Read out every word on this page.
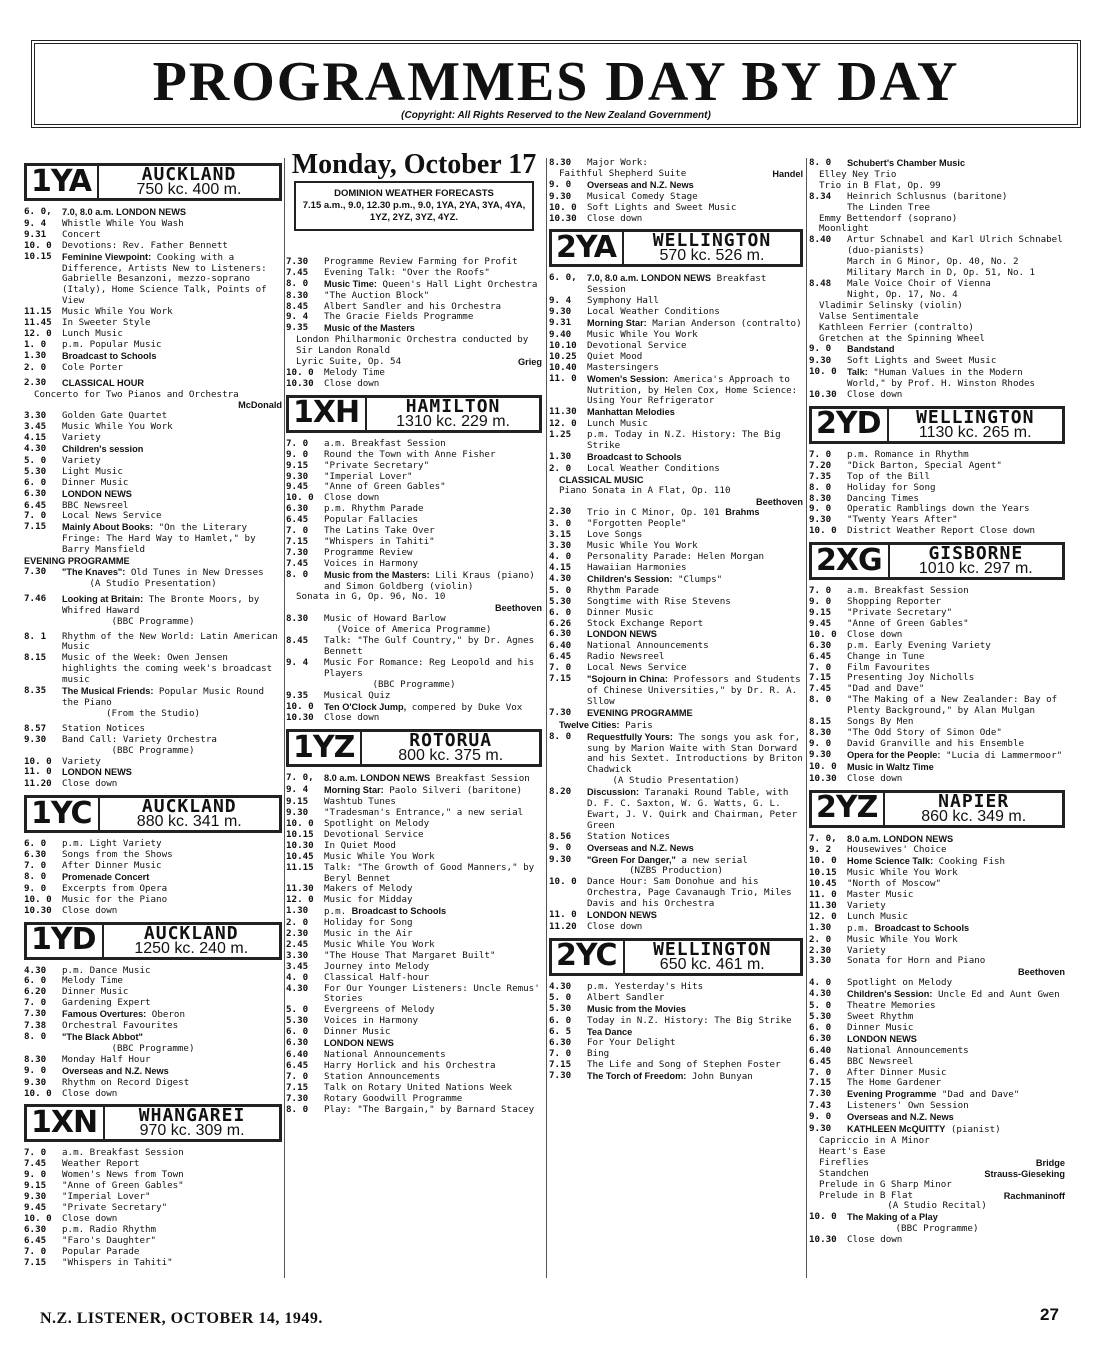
PROGRAMMES DAY BY DAY
(Copyright: All Rights Reserved to the New Zealand Government)
1YA	AUCKLAND
750 kc. 400 m.
6. 0,	7.0, 8.0 a.m. LONDON NEWS
9. 4	Whistle While You Wash
9.31	Concert
10. 0	Devotions: Rev. Father Bennett
10.15	Feminine Viewpoint: Cooking with a Difference, Artists New to Listeners: Gabrielle Besanzoni, mezzo-soprano (Italy), Home Science Talk, Points of View
11.15	Music While You Work
11.45	In Sweeter Style
12. 0	Lunch Music
1. 0	p.m. Popular Music
1.30	Broadcast to Schools
2. 0	Cole Porter
2.30	CLASSICAL HOUR
Concerto for Two Pianos and Orchestra
McDonald
3.30	Golden Gate Quartet
3.45	Music While You Work
4.15	Variety
4.30	Children's session
5. 0	Variety
5.30	Light Music
6. 0	Dinner Music
6.30	LONDON NEWS
6.45	BBC Newsreel
7. 0	Local News Service
7.15	Mainly About Books: "On the Literary Fringe: The Hard Way to Hamlet," by Barry Mansfield
EVENING PROGRAMME
7.30	"The Knaves": Old Tunes in New Dresses
(A Studio Presentation)
7.46	Looking at Britain: The Bronte Moors, by Whifred Haward
(BBC Programme)
8. 1	Rhythm of the New World: Latin American Music
8.15	Music of the Week: Owen Jensen highlights the coming week's broadcast music
8.35	The Musical Friends: Popular Music Round the Piano
(From the Studio)
8.57	Station Notices
9.30	Band Call: Variety Orchestra
(BBC Programme)
10. 0	Variety
11. 0	LONDON NEWS
11.20	Close down
1YC	AUCKLAND
880 kc. 341 m.
6. 0	p.m. Light Variety
6.30	Songs from the Shows
7. 0	After Dinner Music
8. 0	Promenade Concert
9. 0	Excerpts from Opera
10. 0	Music for the Piano
10.30	Close down
1YD	AUCKLAND
1250 kc. 240 m.
4.30	p.m. Dance Music
6. 0	Melody Time
6.20	Dinner Music
7. 0	Gardening Expert
7.30	Famous Overtures: Oberon
7.38	Orchestral Favourites
8. 0	"The Black Abbot"
(BBC Programme)
8.30	Monday Half Hour
9. 0	Overseas and N.Z. News
9.30	Rhythm on Record Digest
10. 0	Close down
1XN	WHANGAREI
970 kc. 309 m.
7. 0	a.m. Breakfast Session
7.45	Weather Report
9. 0	Women's News from Town
9.15	"Anne of Green Gables"
9.30	"Imperial Lover"
9.45	"Private Secretary"
10. 0	Close down
6.30	p.m. Radio Rhythm
6.45	"Faro's Daughter"
7. 0	Popular Parade
7.15	"Whispers in Tahiti"
Monday, October 17
DOMINION WEATHER FORECASTS
7.15 a.m., 9.0, 12.30 p.m., 9.0, 1YA, 2YA, 3YA, 4YA, 1YZ, 2YZ, 3YZ, 4YZ.
7.30	Programme Review Farming for Profit
7.45	Evening Talk: "Over the Roofs"
8. 0	Music Time: Queen's Hall Light Orchestra
8.30	"The Auction Block"
8.45	Albert Sandler and his Orchestra
9. 4	The Gracie Fields Programme
9.35	Music of the Masters
London Philharmonic Orchestra conducted by Sir Landon Ronald
Lyric Suite, Op. 54	Grieg
10. 0	Melody Time
10.30	Close down
1XH	HAMILTON
1310 kc. 229 m.
7. 0	a.m. Breakfast Session
9. 0	Round the Town with Anne Fisher
9.15	"Private Secretary"
9.30	"Imperial Lover"
9.45	"Anne of Green Gables"
10. 0	Close down
6.30	p.m. Rhythm Parade
6.45	Popular Fallacies
7. 0	The Latins Take Over
7.15	"Whispers in Tahiti"
7.30	Programme Review
7.45	Voices in Harmony
8. 0	Music from the Masters: Lili Kraus (piano) and Simon Goldberg (violin)
Sonata in G, Op. 96, No. 10
Beethoven
8.30	Music of Howard Barlow
(Voice of America Programme)
8.45	Talk: "The Gulf Country," by Dr. Agnes Bennett
9. 4	Music For Romance: Reg Leopold and his Players
(BBC Programme)
9.35	Musical Quiz
10. 0	Ten O'Clock Jump, compered by Duke Vox
10.30	Close down
1YZ	ROTORUA
800 kc. 375 m.
7. 0,	8.0 a.m. LONDON NEWS Breakfast Session
9. 4	Morning Star: Paolo Silveri (baritone)
9.15	Washtub Tunes
9.30	"Tradesman's Entrance," a new serial
10. 0	Spotlight on Melody
10.15	Devotional Service
10.30	In Quiet Mood
10.45	Music While You Work
11.15	Talk: "The Growth of Good Manners," by Beryl Bennet
11.30	Makers of Melody
12. 0	Music for Midday
1.30	p.m. Broadcast to Schools
2. 0	Holiday for Song
2.30	Music in the Air
2.45	Music While You Work
3.30	"The House That Margaret Built"
3.45	Journey into Melody
4. 0	Classical Half-hour
4.30	For Our Younger Listeners: Uncle Remus' Stories
5. 0	Evergreens of Melody
5.30	Voices in Harmony
6. 0	Dinner Music
6.30	LONDON NEWS
6.40	National Announcements
6.45	Harry Horlick and his Orchestra
7. 0	Station Announcements
7.15	Talk on Rotary United Nations Week
7.30	Rotary Goodwill Programme
8. 0	Play: "The Bargain," by Barnard Stacey
8.30	Major Work:
Faithful Shepherd Suite	Handel
9. 0	Overseas and N.Z. News
9.30	Musical Comedy Stage
10. 0	Soft Lights and Sweet Music
10.30	Close down
2YA	WELLINGTON
570 kc. 526 m.
6. 0,	7.0, 8.0 a.m. LONDON NEWS Breakfast Session
9. 4	Symphony Hall
9.30	Local Weather Conditions
9.31	Morning Star: Marian Anderson (contralto)
9.40	Music While You Work
10.10	Devotional Service
10.25	Quiet Mood
10.40	Mastersingers
11. 0	Women's Session: America's Approach to Nutrition, by Helen Cox, Home Science: Using Your Refrigerator
11.30	Manhattan Melodies
12. 0	Lunch Music
1.25	p.m. Today in N.Z. History: The Big Strike
1.30	Broadcast to Schools
2. 0	Local Weather Conditions
CLASSICAL MUSIC
Piano Sonata in A Flat, Op. 110
Beethoven
2.30	Trio in C Minor, Op. 101 Brahms
3. 0	"Forgotten People"
3.15	Love Songs
3.30	Music While You Work
4. 0	Personality Parade: Helen Morgan
4.15	Hawaiian Harmonies
4.30	Children's Session: "Clumps"
5. 0	Rhythm Parade
5.30	Songtime with Rise Stevens
6. 0	Dinner Music
6.26	Stock Exchange Report
6.30	LONDON NEWS
6.40	National Announcements
6.45	Radio Newsreel
7. 0	Local News Service
7.15	"Sojourn in China: Professors and Students of Chinese Universities," by Dr. R. A. Sllow
7.30	EVENING PROGRAMME
Twelve Cities: Paris
8. 0	Requestfully Yours: The songs you ask for, sung by Marion Waite with Stan Dorward and his Sextet. Introductions by Briton Chadwick
(A Studio Presentation)
8.20	Discussion: Taranaki Round Table, with D. F. C. Saxton, W. G. Watts, G. L. Ewart, J. V. Quirk and Chairman, Peter Green
8.56	Station Notices
9. 0	Overseas and N.Z. News
9.30	"Green For Danger," a new serial
(NZBS Production)
10. 0	Dance Hour: Sam Donohue and his Orchestra, Page Cavanaugh Trio, Miles Davis and his Orchestra
11. 0	LONDON NEWS
11.20	Close down
2YC	WELLINGTON
650 kc. 461 m.
4.30	p.m. Yesterday's Hits
5. 0	Albert Sandler
5.30	Music from the Movies
6. 0	Today in N.Z. History: The Big Strike
6. 5	Tea Dance
6.30	For Your Delight
7. 0	Bing
7.15	The Life and Song of Stephen Foster
7.30	The Torch of Freedom: John Bunyan
8. 0	Schubert's Chamber Music
Elley Ney Trio
Trio in B Flat, Op. 99
8.34	Heinrich Schlusnus (baritone)
The Linden Tree
Emmy Bettendorf (soprano)
Moonlight
8.40	Artur Schnabel and Karl Ulrich Schnabel (duo-pianists)
March in G Minor, Op. 40, No. 2
Military March in D, Op. 51, No. 1
8.48	Male Voice Choir of Vienna
Night, Op. 17, No. 4
Vladimir Selinsky (violin)
Valse Sentimentale
Kathleen Ferrier (contralto)
Gretchen at the Spinning Wheel
9. 0	Bandstand
9.30	Soft Lights and Sweet Music
10. 0	Talk: "Human Values in the Modern World," by Prof. H. Winston Rhodes
10.30	Close down
2YD	WELLINGTON
1130 kc. 265 m.
7. 0	p.m. Romance in Rhythm
7.20	"Dick Barton, Special Agent"
7.35	Top of the Bill
8. 0	Holiday for Song
8.30	Dancing Times
9. 0	Operatic Ramblings down the Years
9.30	"Twenty Years After"
10. 0	District Weather Report Close down
2XG	GISBORNE
1010 kc. 297 m.
7. 0	a.m. Breakfast Session
9. 0	Shopping Reporter
9.15	"Private Secretary"
9.45	"Anne of Green Gables"
10. 0	Close down
6.30	p.m. Early Evening Variety
6.45	Change in Tune
7. 0	Film Favourites
7.15	Presenting Joy Nicholls
7.45	"Dad and Dave"
8. 0	"The Making of a New Zealander: Bay of Plenty Background," by Alan Mulgan
8.15	Songs By Men
8.30	"The Odd Story of Simon Ode"
9. 0	David Granville and his Ensemble
9.30	Opera for the People: "Lucia di Lammermoor"
10. 0	Music in Waltz Time
10.30	Close down
2YZ	NAPIER
860 kc. 349 m.
7. 0,	8.0 a.m. LONDON NEWS
9. 2	Housewives' Choice
10. 0	Home Science Talk: Cooking Fish
10.15	Music While You Work
10.45	"North of Moscow"
11. 0	Master Music
11.30	Variety
12. 0	Lunch Music
1.30	p.m. Broadcast to Schools
2. 0	Music While You Work
2.30	Variety
3.30	Sonata for Horn and Piano
Beethoven
4. 0	Spotlight on Melody
4.30	Children's Session: Uncle Ed and Aunt Gwen
5. 0	Theatre Memories
5.30	Sweet Rhythm
6. 0	Dinner Music
6.30	LONDON NEWS
6.40	National Announcements
6.45	BBC Newsreel
7. 0	After Dinner Music
7.15	The Home Gardener
7.30	Evening Programme "Dad and Dave"
7.43	Listeners' Own Session
9. 0	Overseas and N.Z. News
9.30	KATHLEEN McQUITTY (pianist)
Capriccio in A Minor
Heart's Ease
Fireflies	Bridge
Standchen	Strauss-Gieseking
Prelude in G Sharp Minor
Prelude in B Flat	Rachmaninoff
(A Studio Recital)
10. 0	The Making of a Play
(BBC Programme)
10.30	Close down
N.Z. LISTENER, OCTOBER 14, 1949.	27
